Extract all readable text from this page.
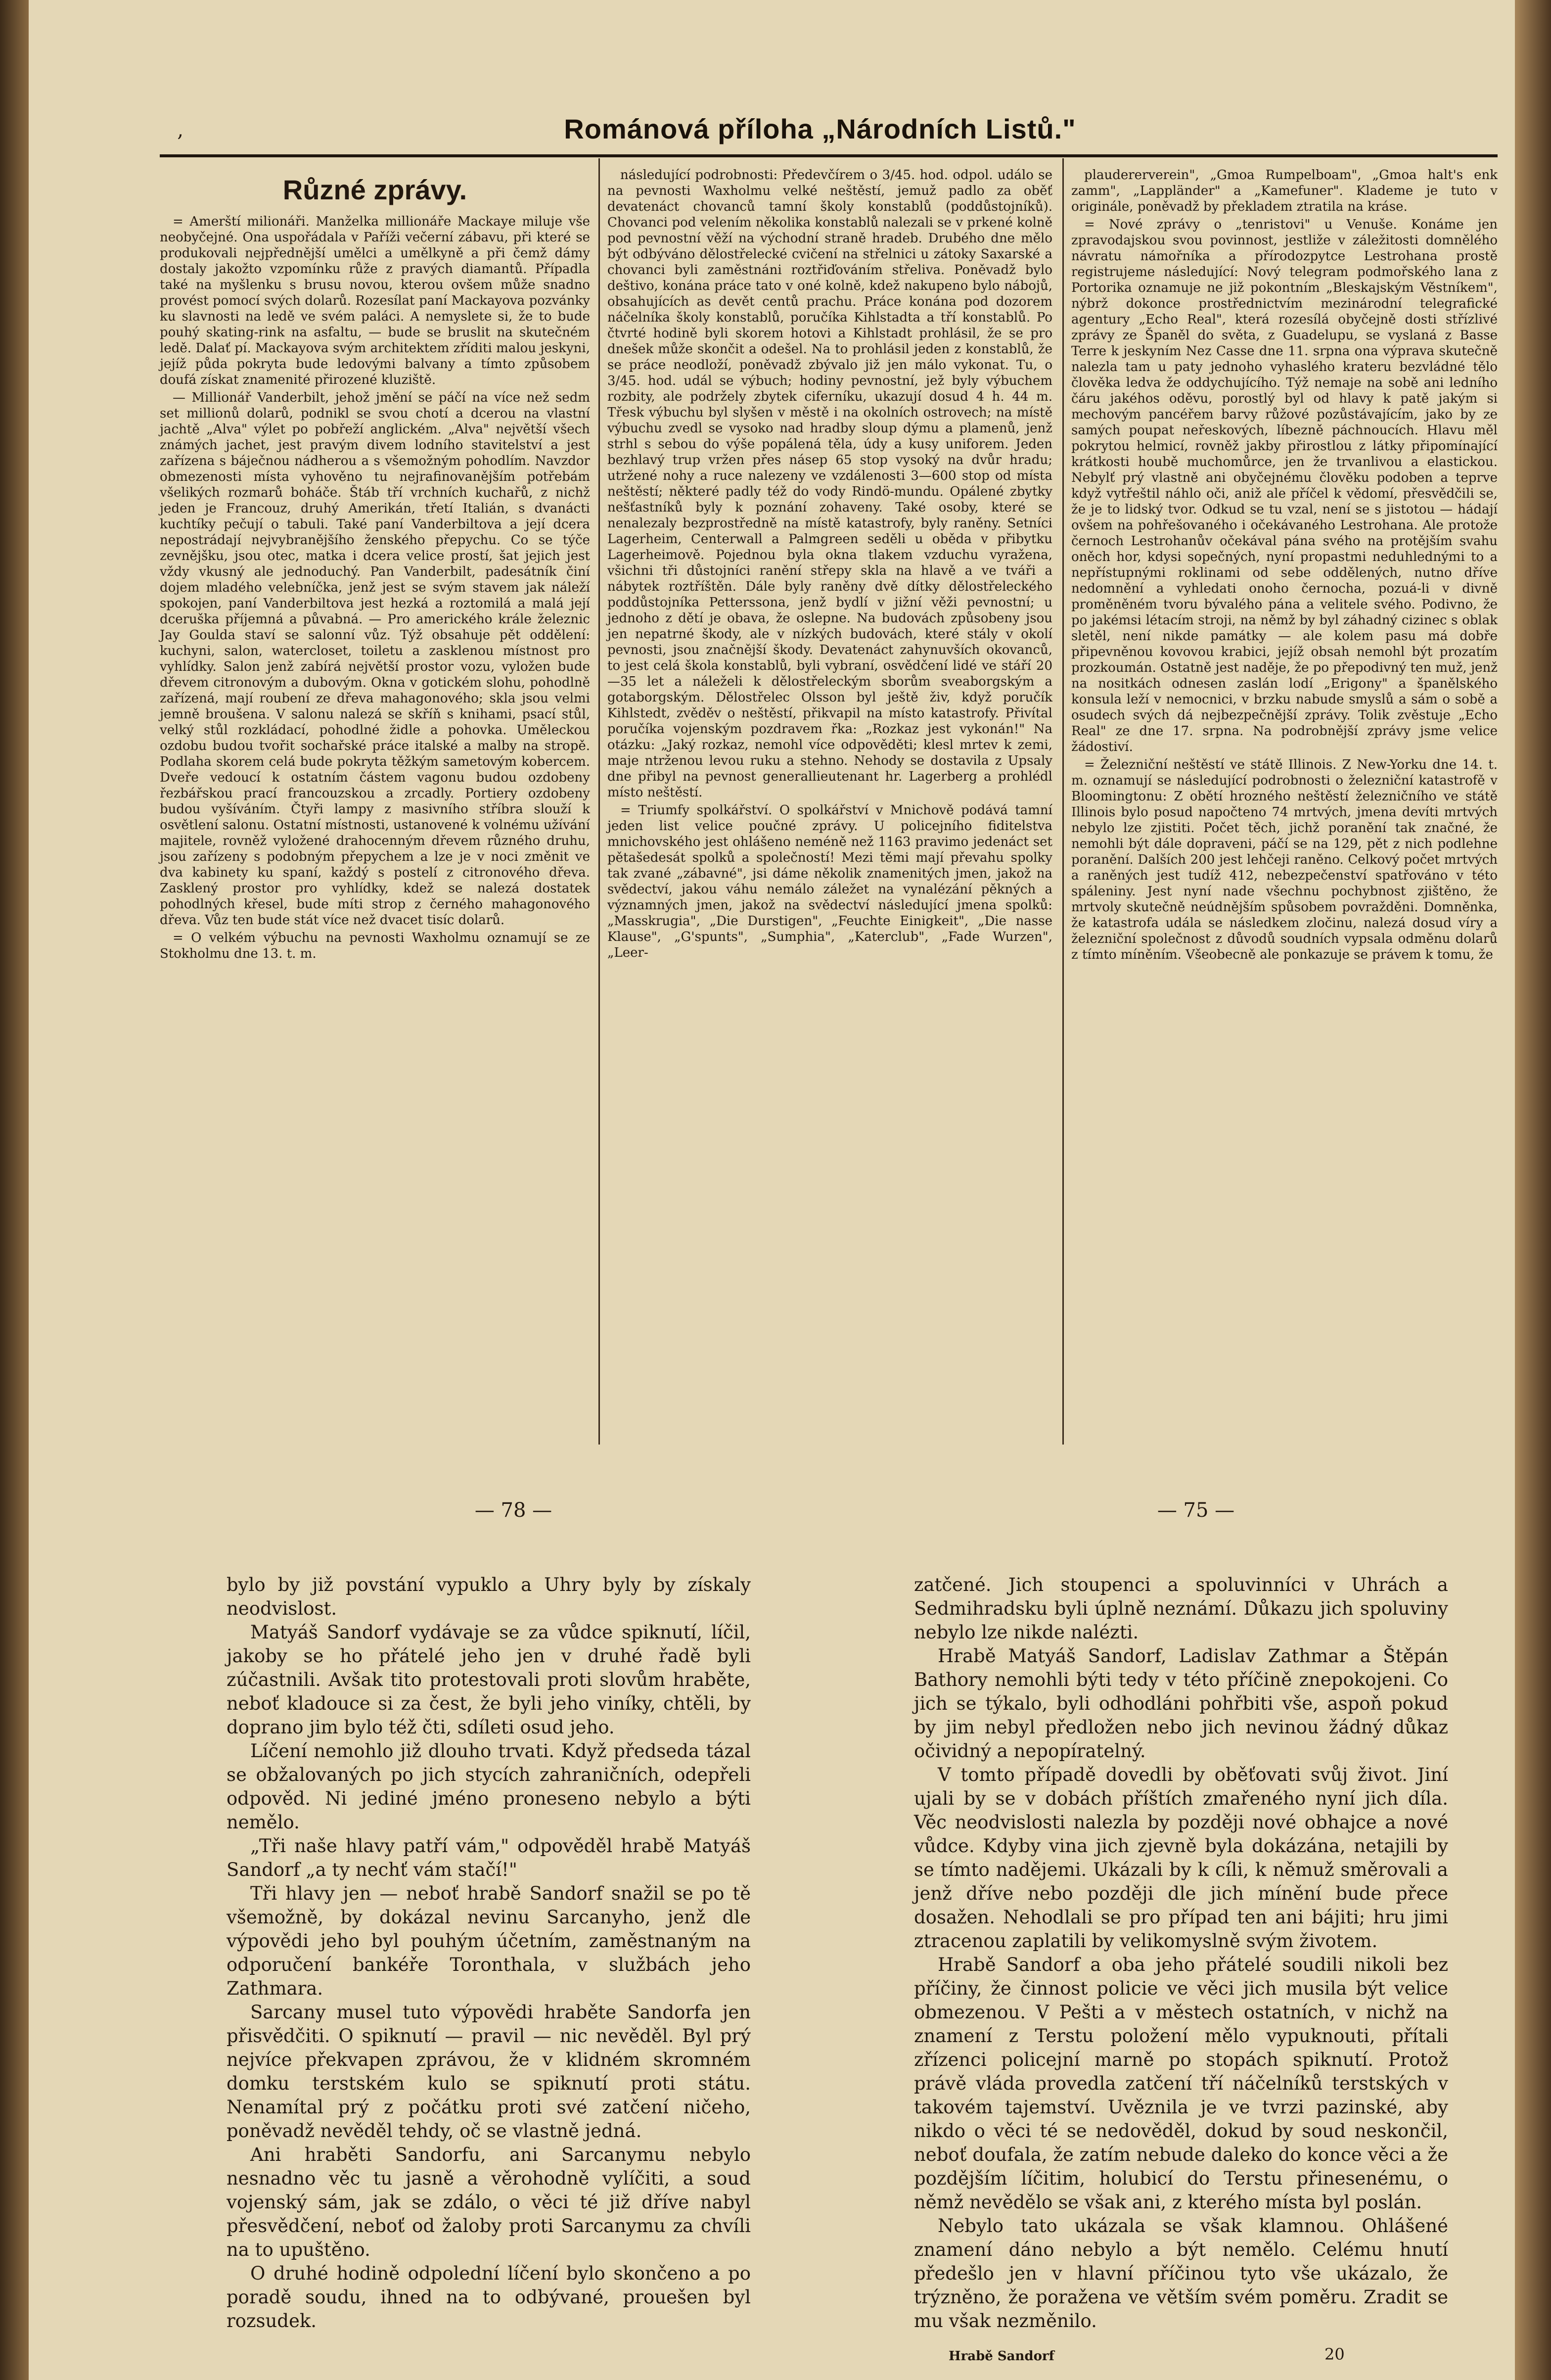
‚	Románová příloha „Národních Listů."
Různé zprávy.

= Amerští milionáři. Manželka millionáře Mackaye miluje vše neobyčejné. Ona uspořádala v Paříži večerní zábavu, při které se produkovali nejpřednější umělci a umělkyně a při čemž dámy dostaly jakožto vzpomínku růže z pravých diamantů. Případla také na myšlenku s brusu novou, kterou ovšem může snadno provést pomocí svých dolarů. Rozesílat paní Mackayova pozvánky ku slavnosti na ledě ve svém paláci. A nemyslete si, že to bude pouhý skating-rink na asfaltu, — bude se bruslit na skutečném ledě. Dalať pí. Mackayova svým architektem zříditi malou jeskyni, jejíž půda pokryta bude ledovými balvany a tímto způsobem doufá získat znamenité přirozené kluziště.

— Millionář Vanderbilt, jehož jmění se páčí na více než sedm set millionů dolarů, podnikl se svou chotí a dcerou na vlastní jachtě „Alva" výlet po pobřeží anglickém. „Alva" největší všech známých jachet, jest pravým divem lodního stavitelství a jest zařízena s báječnou nádherou a s všemožným pohodlím. Navzdor obmezenosti místa vyhověno tu nejrafinovanějším potřebám všelikých rozmarů boháče. Štáb tří vrchních kuchařů, z nichž jeden je Francouz, druhý Amerikán, třetí Italián, s dvanácti kuchtíky pečují o tabuli. Také paní Vanderbiltova a její dcera nepostrádají nejvybranějšího ženského přepychu. Co se týče zevnějšku, jsou otec, matka i dcera velice prostí, šat jejich jest vždy vkusný ale jednoduchý. Pan Vanderbilt, padesátník činí dojem mladého velebníčka, jenž jest se svým stavem jak náleží spokojen, paní Vanderbiltova jest hezká a roztomilá a malá její dceruška příjemná a půvabná. — Pro amerického krále železnic Jay Goulda staví se salonní vůz. Týž obsahuje pět oddělení: kuchyni, salon, watercloset, toiletu a zasklenou místnost pro vyhlídky. Salon jenž zabírá největší prostor vozu, vyložen bude dřevem citronovým a dubovým. Okna v gotickém slohu, pohodlně zařízená, mají roubení ze dřeva mahagonového; skla jsou velmi jemně broušena. V salonu nalezá se skříň s knihami, psací stůl, velký stůl rozkládací, pohodlné židle a pohovka. Uměleckou ozdobu budou tvořit sochařské práce italské a malby na stropě. Podlaha skorem celá bude pokryta těžkým sametovým kobercem. Dveře vedoucí k ostatním částem vagonu budou ozdobeny řezbářskou prací francouzskou a zrcadly. Portiery ozdobeny budou vyšíváním. Čtyři lampy z masivního stříbra slouží k osvětlení salonu. Ostatní místnosti, ustanovené k volnému užívání majitele, rovněž vyložené drahocenným dřevem různého druhu, jsou zařízeny s podobným přepychem a lze je v noci změnit ve dva kabinety ku spaní, každý s postelí z citronového dřeva. Zasklený prostor pro vyhlídky, kdež se nalezá dostatek pohodlných křesel, bude míti strop z černého mahagonového dřeva. Vůz ten bude stát více než dvacet tisíc dolarů.

= O velkém výbuchu na pevnosti Waxholmu oznamují se ze Stokholmu dne 13. t. m.

následující podrobnosti: Předevčírem o 3/45. hod. odpol. událo se na pevnosti Waxholmu velké neštěstí, jemuž padlo za oběť devatenáct chovanců tamní školy konstablů (poddůstojníků). Chovanci pod velením několika konstablů nalezali se v prkené kolně pod pevnostní věží na východní straně hradeb. Drubého dne mělo být odbýváno dělostřelecké cvičení na střelnici u zátoky Saxarské a chovanci byli zaměstnáni roztřiďováním střeliva. Poněvadž bylo deštivo, konána práce tato v oné kolně, kdež nakupeno bylo nábojů, obsahujících as devět centů prachu. Práce konána pod dozorem náčelníka školy konstablů, poručíka Kihlstadta a tří konstablů. Po čtvrté hodině byli skorem hotovi a Kihlstadt prohlásil, že se pro dnešek může skončit a odešel. Na to prohlásil jeden z konstablů, že se práce neodloží, poněvadž zbývalo již jen málo vykonat. Tu, o 3/45. hod. udál se výbuch; hodiny pevnostní, jež byly výbuchem rozbity, ale podržely zbytek ciferníku, ukazují dosud 4 h. 44 m. Třesk výbuchu byl slyšen v městě i na okolních ostrovech; na místě výbuchu zvedl se vysoko nad hradby sloup dýmu a plamenů, jenž strhl s sebou do výše popálená těla, údy a kusy uniforem. Jeden bezhlavý trup vržen přes násep 65 stop vysoký na dvůr hradu; utržené nohy a ruce nalezeny ve vzdálenosti 3—600 stop od místa neštěstí; některé padly též do vody Rindö-mundu. Opálené zbytky nešťastníků byly k poznání zohaveny. Také osoby, které se nenalezaly bezprostředně na místě katastrofy, byly raněny. Setníci Lagerheim, Centerwall a Palmgreen seděli u oběda v přibytku Lagerheimově. Pojednou byla okna tlakem vzduchu vyražena, všichni tři důstojníci ranění střepy skla na hlavě a ve tváři a nábytek roztříštěn. Dále byly raněny dvě dítky dělostřeleckého poddůstojníka Petterssona, jenž bydlí v jižní věži pevnostní; u jednoho z dětí je obava, že oslepne. Na budovách způsobeny jsou jen nepatrné škody, ale v nízkých budovách, které stály v okolí pevnosti, jsou značnější škody. Devatenáct zahynuvších okovanců, to jest celá škola konstablů, byli vybraní, osvědčení lidé ve stáří 20—35 let a náleželi k dělostřeleckým sborům sveaborgským a gotaborgským. Dělostřelec Olsson byl ještě živ, když poručík Kihlstedt, zvěděv o neštěstí, přikvapil na místo katastrofy. Přivítal poručíka vojenským pozdravem řka: „Rozkaz jest vykonán!" Na otázku: „Jaký rozkaz, nemohl více odpověděti; klesl mrtev k zemi, maje ntrženou levou ruku a stehno. Nehody se dostavila z Upsaly dne přibyl na pevnost generallieutenant hr. Lagerberg a prohlédl místo neštěstí.

= Triumfy spolkářství. O spolkářství v Mnichově podává tamní jeden list velice poučné zprávy. U policejního fiditelstva mnichovského jest ohlášeno neméně než 1163 pravimo jedenáct set pětašedesát spolků a společností! Mezi těmi mají převahu spolky tak zvané „zábavné", jsi dáme několik znamenitých jmen, jakož na svědectví, jakou váhu nemálo záležet na vynalézání pěkných a významných jmen, jakož na svědectví následující jmena spolků: „Masskrugia", „Die Durstigen", „Feuchte Einigkeit", „Die nasse Klause", „G'spunts", „Sumphia", „Katerclub", „Fade Wurzen", „Leer-

plaudererverein", „Gmoa Rumpelboam", „Gmoa halt's enk zamm", „Lappländer" a „Kamefuner". Klademe je tuto v originále, poněvadž by překladem ztratila na kráse.

= Nové zprávy o „tenristovi" u Venuše. Konáme jen zpravodajskou svou povinnost, jestliže v záležitosti domnělého návratu námořníka a přírodozpytce Lestrohana prostě registrujeme následující: Nový telegram podmořského lana z Portorika oznamuje ne již pokontním „Bleskajským Věstníkem", nýbrž dokonce prostřednictvím mezinárodní telegrafické agentury „Echo Real", která rozesílá obyčejně dosti střízlivé zprávy ze Španěl do světa, z Guadelupu, se vyslaná z Basse Terre k jeskyním Nez Casse dne 11. srpna ona výprava skutečně nalezla tam u paty jednoho vyhaslého krateru bezvládné tělo člověka ledva že oddychujícího. Týž nemaje na sobě ani ledního čáru jakéhos oděvu, porostlý byl od hlavy k patě jakým si mechovým pancéřem barvy růžové pozůstávajícím, jako by ze samých poupat neřeskových, líbezně páchnoucích. Hlavu měl pokrytou helmicí, rovněž jakby přirostlou z látky připomínající krátkosti houbě muchomůrce, jen že trvanlivou a elastickou. Nebylť prý vlastně ani obyčejnému člověku podoben a teprve když vytřeštil náhlo oči, aniž ale příčel k vědomí, přesvědčili se, že je to lidský tvor. Odkud se tu vzal, není se s jistotou — hádají ovšem na pohřešovaného i očekávaného Lestrohana. Ale protože černoch Lestrohanův očekával pána svého na protějším svahu oněch hor, kdysi sopečných, nyní propastmi neduhlednými to a nepřístupnými roklinami od sebe oddělených, nutno dříve nedomnění a vyhledati onoho černocha, pozuá-li v divně proměněném tvoru bývalého pána a velitele svého. Podivno, že po jakémsi létacím stroji, na němž by byl záhadný cizinec s oblak sletěl, není nikde památky — ale kolem pasu má dobře připevněnou kovovou krabici, jejíž obsah nemohl být prozatím prozkoumán. Ostatně jest naděje, že po přepodivný ten muž, jenž na nositkách odnesen zaslán lodí „Erigony" a španělského konsula leží v nemocnici, v brzku nabude smyslů a sám o sobě a osudech svých dá nejbezpečnější zprávy. Tolik zvěstuje „Echo Real" ze dne 17. srpna. Na podrobnější zprávy jsme velice žádostiví.

= Železniční neštěstí ve státě Illinois. Z New-Yorku dne 14. t. m. oznamují se následující podrobnosti o železniční katastrofě v Bloomingtonu: Z obětí hrozného neštěstí železničního ve státě Illinois bylo posud napočteno 74 mrtvých, jmena devíti mrtvých nebylo lze zjistiti. Počet těch, jichž poranění tak značné, že nemohli být dále dopraveni, páčí se na 129, pět z nich podlehne poranění. Dalších 200 jest lehčeji raněno. Celkový počet mrtvých a raněných jest tudíž 412, nebezpečenství spatřováno v této spáleniny. Jest nyní nade všechnu pochybnost zjištěno, že mrtvoly skutečně neúdnějším spůsobem povražděni. Domněnka, že katastrofa udála se následkem zločinu, nalezá dosud víry a železniční společnost z důvodů soudních vypsala odměnu dolarů z tímto míněním. Všeobecně ale ponkazuje se právem k tomu, že

— 78 —	— 75 —

bylo by již povstání vypuklo a Uhry byly by získaly neodvislost.

Matyáš Sandorf vydávaje se za vůdce spiknutí, líčil, jakoby se ho přátelé jeho jen v druhé řadě byli zúčastnili. Avšak tito protestovali proti slovům hraběte, neboť kladouce si za čest, že byli jeho viníky, chtěli, by doprano jim bylo též čti, sdíleti osud jeho.

Líčení nemohlo již dlouho trvati. Když předseda tázal se obžalovaných po jich stycích zahraničních, odepřeli odpověd. Ni jediné jméno proneseno nebylo a býti nemělo.

„Tři naše hlavy patří vám," odpověděl hrabě Matyáš Sandorf „a ty nechť vám stačí!"

Tři hlavy jen — neboť hrabě Sandorf snažil se po tě všemožně, by dokázal nevinu Sarcanyho, jenž dle výpovědi jeho byl pouhým účetním, zaměstnaným na odporučení bankéře Toronthala, v službách jeho Zathmara.

Sarcany musel tuto výpovědi hraběte Sandorfa jen přisvědčiti. O spiknutí — pravil — nic nevěděl. Byl prý nejvíce překvapen zprávou, že v klidném skromném domku terstském kulo se spiknutí proti státu. Nenamítal prý z počátku proti své zatčení ničeho, poněvadž nevěděl tehdy, oč se vlastně jedná.

Ani hraběti Sandorfu, ani Sarcanymu nebylo nesnadno věc tu jasně a věrohodně vylíčiti, a soud vojenský sám, jak se zdálo, o věci té již dříve nabyl přesvědčení, neboť od žaloby proti Sarcanymu za chvíli na to upuštěno.

O druhé hodině odpolední líčení bylo skončeno a po poradě soudu, ihned na to odbývané, prouešen byl rozsudek.

zatčené. Jich stoupenci a spoluvinníci v Uhrách a Sedmihradsku byli úplně neznámí. Důkazu jich spoluviny nebylo lze nikde nalézti.

Hrabě Matyáš Sandorf, Ladislav Zathmar a Štěpán Bathory nemohli býti tedy v této příčině znepokojeni. Co jich se týkalo, byli odhodláni pohřbiti vše, aspoň pokud by jim nebyl předložen nebo jich nevinou žádný důkaz očividný a nepopíratelný.

V tomto případě dovedli by oběťovati svůj život. Jiní ujali by se v dobách příštích zmařeného nyní jich díla. Věc neodvislosti nalezla by později nové obhajce a nové vůdce. Kdyby vina jich zjevně byla dokázána, netajili by se tímto nadějemi. Ukázali by k cíli, k němuž směrovali a jenž dříve nebo později dle jich mínění bude přece dosažen. Nehodlali se pro případ ten ani bájiti; hru jimi ztracenou zaplatili by velikomyslně svým životem.

Hrabě Sandorf a oba jeho přátelé soudili nikoli bez příčiny, že činnost policie ve věci jich musila být velice obmezenou. V Pešti a v městech ostatních, v nichž na znamení z Terstu položení mělo vypuknouti, přítali zřízenci policejní marně po stopách spiknutí. Protož právě vláda provedla zatčení tří náčelníků terstských v takovém tajemství. Uvěznila je ve tvrzi pazinské, aby nikdo o věci té se nedověděl, dokud by soud neskončil, neboť doufala, že zatím nebude daleko do konce věci a že pozdějším líčitim, holubicí do Terstu přinesenému, o němž nevědělo se však ani, z kterého místa byl poslán.

Nebylo tato ukázala se však klamnou. Ohlášené znamení dáno nebylo a být nemělo. Celému hnutí předešlo jen v hlavní příčinou tyto vše ukázalo, že trýzněno, že poražena ve větším svém poměru. Zradit se mu však nezměnilo.

Hrabě Sandorf	20
